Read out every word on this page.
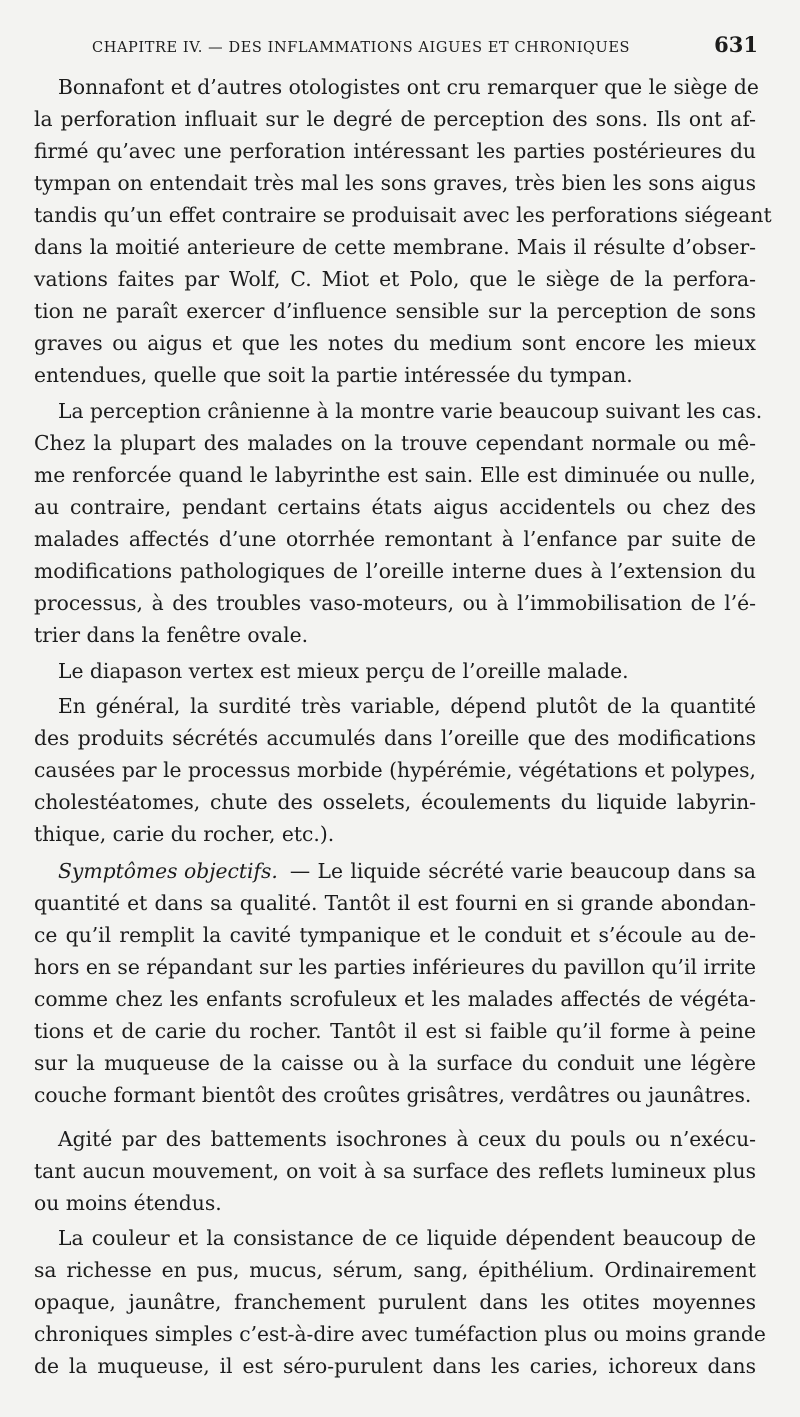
CHAPITRE IV. — DES INFLAMMATIONS AIGUES ET CHRONIQUES	631
Bonnafont et d’autres otologistes ont cru remarquer que le siège de
la perforation influait sur le degré de perception des sons. Ils ont af-
firmé qu’avec une perforation intéressant les parties postérieures du
tympan on entendait très mal les sons graves, très bien les sons aigus
tandis qu’un effet contraire se produisait avec les perforations siégeant
dans la moitié anterieure de cette membrane. Mais il résulte d’obser-
vations faites par Wolf, C. Miot et Polo, que le siège de la perfora-
tion ne paraît exercer d’influence sensible sur la perception de sons
graves ou aigus et que les notes du medium sont encore les mieux
entendues, quelle que soit la partie intéressée du tympan.
La perception crânienne à la montre varie beaucoup suivant les cas.
Chez la plupart des malades on la trouve cependant normale ou mê-
me renforcée quand le labyrinthe est sain. Elle est diminuée ou nulle,
au contraire, pendant certains états aigus accidentels ou chez des
malades affectés d’une otorrhée remontant à l’enfance par suite de
modifications pathologiques de l’oreille interne dues à l’extension du
processus, à des troubles vaso-moteurs, ou à l’immobilisation de l’é-
trier dans la fenêtre ovale.
Le diapason vertex est mieux perçu de l’oreille malade.
En général, la surdité très variable, dépend plutôt de la quantité
des produits sécrétés accumulés dans l’oreille que des modifications
causées par le processus morbide (hypérémie, végétations et polypes,
cholestéatomes, chute des osselets, écoulements du liquide labyrin-
thique, carie du rocher, etc.).
Symptômes objectifs. — Le liquide sécrété varie beaucoup dans sa
quantité et dans sa qualité. Tantôt il est fourni en si grande abondan-
ce qu’il remplit la cavité tympanique et le conduit et s’écoule au de-
hors en se répandant sur les parties inférieures du pavillon qu’il irrite
comme chez les enfants scrofuleux et les malades affectés de végéta-
tions et de carie du rocher. Tantôt il est si faible qu’il forme à peine
sur la muqueuse de la caisse ou à la surface du conduit une légère
couche formant bientôt des croûtes grisâtres, verdâtres ou jaunâtres.
Agité par des battements isochrones à ceux du pouls ou n’exécu-
tant aucun mouvement, on voit à sa surface des reflets lumineux plus
ou moins étendus.
La couleur et la consistance de ce liquide dépendent beaucoup de
sa richesse en pus, mucus, sérum, sang, épithélium. Ordinairement
opaque, jaunâtre, franchement purulent dans les otites moyennes
chroniques simples c’est-à-dire avec tuméfaction plus ou moins grande
de la muqueuse, il est séro-purulent dans les caries, ichoreux dans
